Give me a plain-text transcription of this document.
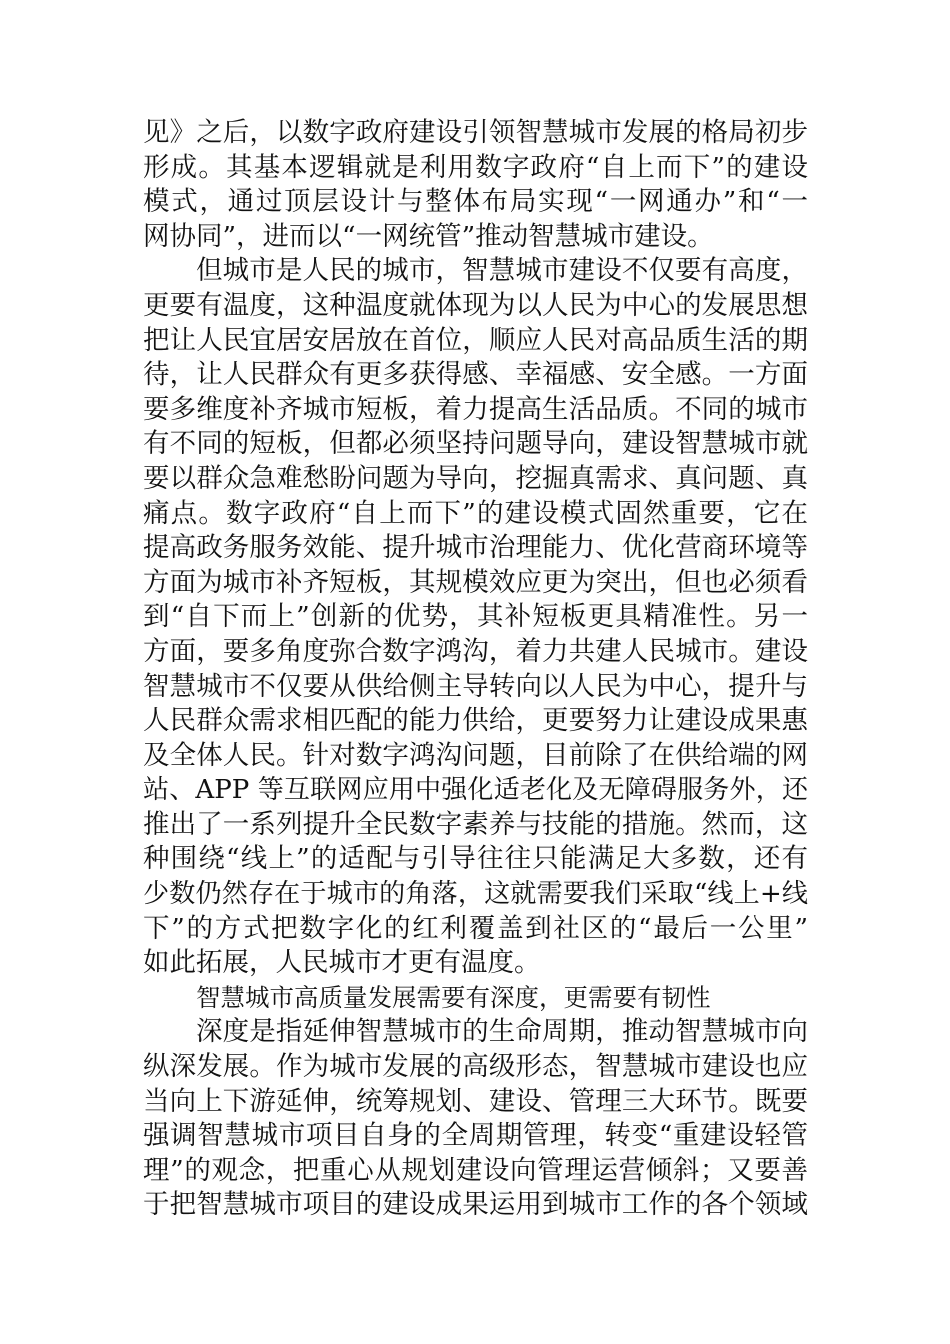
见》之后，以数字政府建设引领智慧城市发展的格局初步
形成。其基本逻辑就是利用数字政府“自上而下”的建设
模式，通过顶层设计与整体布局实现“一网通办”和“一
网协同”，进而以“一网统管”推动智慧城市建设。
但城市是人民的城市，智慧城市建设不仅要有高度，
更要有温度，这种温度就体现为以人民为中心的发展思想
把让人民宜居安居放在首位，顺应人民对高品质生活的期
待，让人民群众有更多获得感、幸福感、安全感。一方面
要多维度补齐城市短板，着力提高生活品质。不同的城市
有不同的短板，但都必须坚持问题导向，建设智慧城市就
要以群众急难愁盼问题为导向，挖掘真需求、真问题、真
痛点。数字政府“自上而下”的建设模式固然重要，它在
提高政务服务效能、提升城市治理能力、优化营商环境等
方面为城市补齐短板，其规模效应更为突出，但也必须看
到“自下而上”创新的优势，其补短板更具精准性。另一
方面，要多角度弥合数字鸿沟，着力共建人民城市。建设
智慧城市不仅要从供给侧主导转向以人民为中心，提升与
人民群众需求相匹配的能力供给，更要努力让建设成果惠
及全体人民。针对数字鸿沟问题，目前除了在供给端的网
站、APP 等互联网应用中强化适老化及无障碍服务外，还
推出了一系列提升全民数字素养与技能的措施。然而，这
种围绕“线上”的适配与引导往往只能满足大多数，还有
少数仍然存在于城市的角落，这就需要我们采取“线上+线
下”的方式把数字化的红利覆盖到社区的“最后一公里”
如此拓展，人民城市才更有温度。
智慧城市高质量发展需要有深度，更需要有韧性
深度是指延伸智慧城市的生命周期，推动智慧城市向
纵深发展。作为城市发展的高级形态，智慧城市建设也应
当向上下游延伸，统筹规划、建设、管理三大环节。既要
强调智慧城市项目自身的全周期管理，转变“重建设轻管
理”的观念，把重心从规划建设向管理运营倾斜；又要善
于把智慧城市项目的建设成果运用到城市工作的各个领域
